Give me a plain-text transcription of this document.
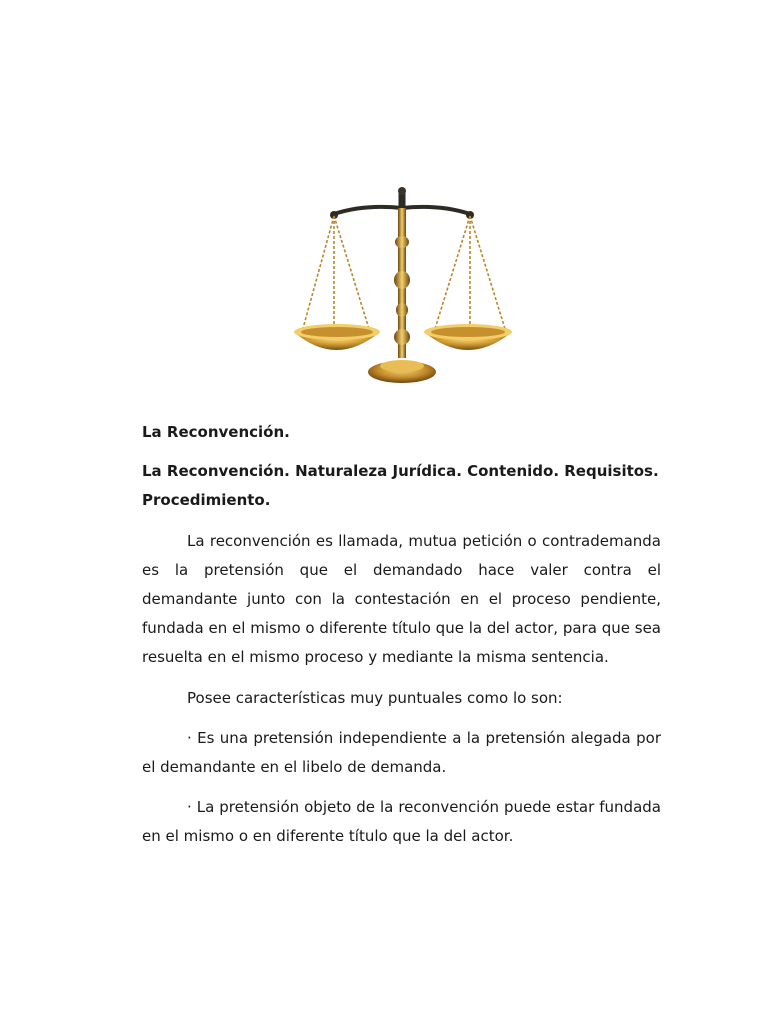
La Reconvención.

La Reconvención. Naturaleza Jurídica. Contenido. Requisitos. Procedimiento.

La reconvención es llamada, mutua petición o contrademanda es la pretensión que el demandado hace valer contra el demandante junto con la contestación en el proceso pendiente, fundada en el mismo o diferente título que la del actor, para que sea resuelta en el mismo proceso y mediante la misma sentencia.

Posee características muy puntuales como lo son:

· Es una pretensión independiente a la pretensión alegada por el demandante en el libelo de demanda.

· La pretensión objeto de la reconvención puede estar fundada en el mismo o en diferente título que la del actor.
